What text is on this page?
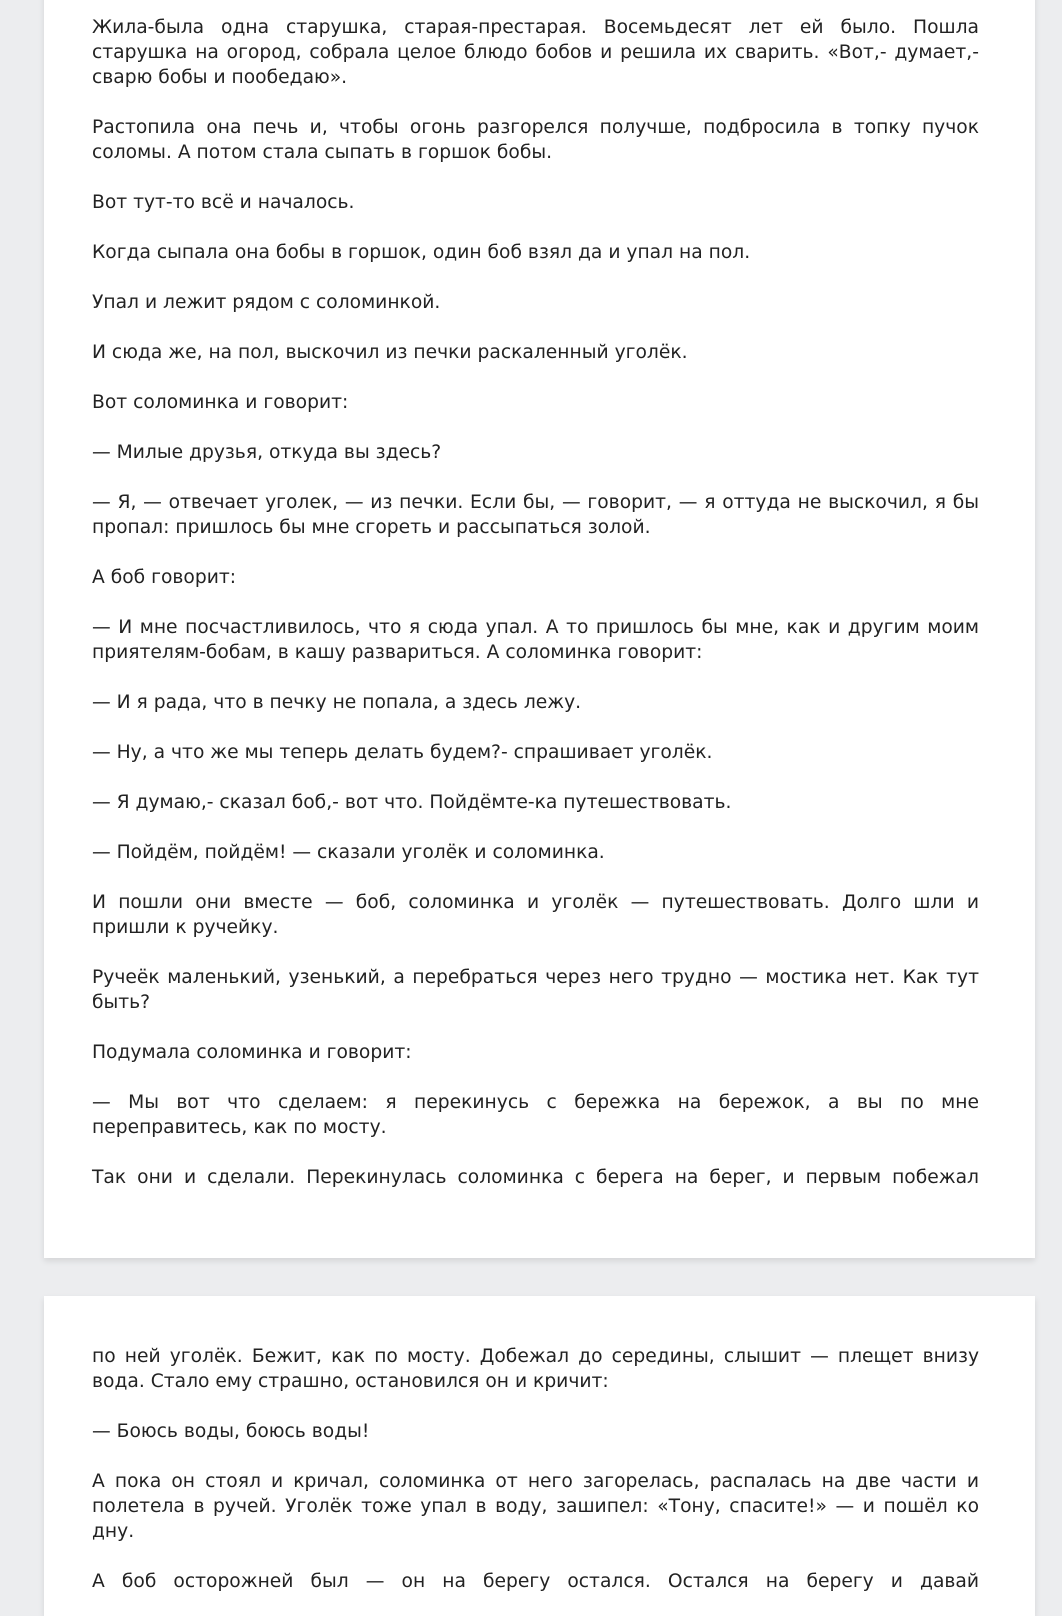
Жила-была одна старушка, старая-престарая. Восемьдесят лет ей было. Пошла старушка на огород, собрала целое блюдо бобов и решила их сварить. «Вот,- думает,- сварю бобы и пообедаю».

Растопила она печь и, чтобы огонь разгорелся получше, подбросила в топку пучок соломы. А потом стала сыпать в горшок бобы.

Вот тут-то всё и началось.

Когда сыпала она бобы в горшок, один боб взял да и упал на пол.

Упал и лежит рядом с соломинкой.

И сюда же, на пол, выскочил из печки раскаленный уголёк.

Вот соломинка и говорит:

— Милые друзья, откуда вы здесь?

— Я, — отвечает уголек, — из печки. Если бы, — говорит, — я оттуда не выскочил, я бы пропал: пришлось бы мне сгореть и рассыпаться золой.

А боб говорит:

— И мне посчастливилось, что я сюда упал. А то пришлось бы мне, как и другим моим приятелям-бобам, в кашу развариться. А соломинка говорит:

— И я рада, что в печку не попала, а здесь лежу.

— Ну, а что же мы теперь делать будем?- спрашивает уголёк.

— Я думаю,- сказал боб,- вот что. Пойдёмте-ка путешествовать.

— Пойдём, пойдём! — сказали уголёк и соломинка.

И пошли они вместе — боб, соломинка и уголёк — путешествовать. Долго шли и пришли к ручейку.

Ручеёк маленький, узенький, а перебраться через него трудно — мостика нет. Как тут быть?

Подумала соломинка и говорит:

— Мы вот что сделаем: я перекинусь с бережка на бережок, а вы по мне переправитесь, как по мосту.

Так они и сделали. Перекинулась соломинка с берега на берег, и первым побежал

по ней уголёк. Бежит, как по мосту. Добежал до середины, слышит — плещет внизу вода. Стало ему страшно, остановился он и кричит:

— Боюсь воды, боюсь воды!

А пока он стоял и кричал, соломинка от него загорелась, распалась на две части и полетела в ручей. Уголёк тоже упал в воду, зашипел: «Тону, спасите!» — и пошёл ко дну.

А боб осторожней был — он на берегу остался. Остался на берегу и давай
